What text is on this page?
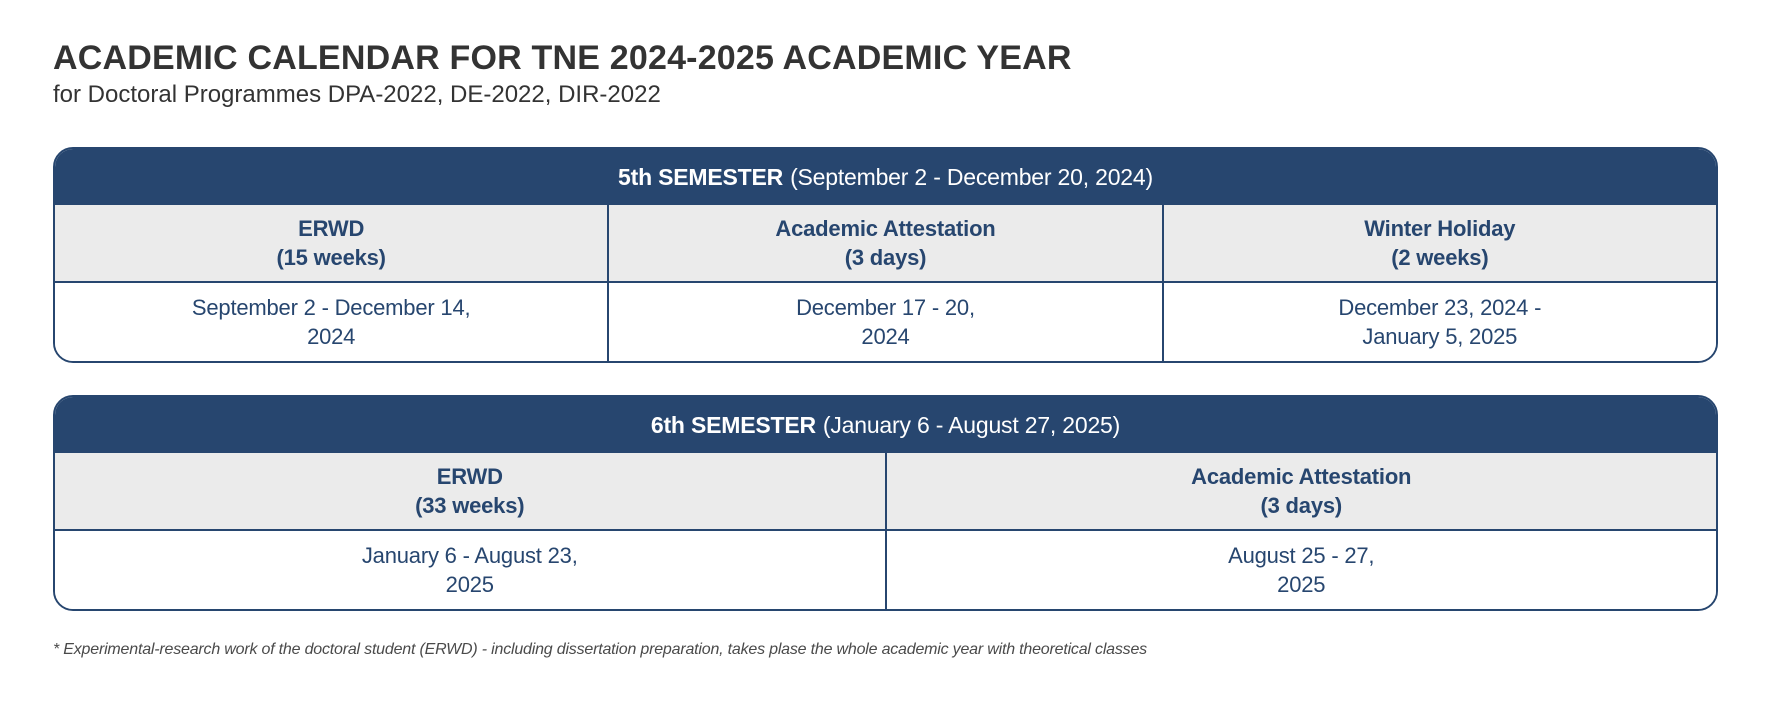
ACADEMIC CALENDAR FOR TNE 2024-2025 ACADEMIC YEAR

for Doctoral Programmes DPA-2022, DE-2022, DIR-2022

5th SEMESTER (September 2 - December 20, 2024)
ERWD
(15 weeks)
Academic Attestation
(3 days)
Winter Holiday
(2 weeks)
September 2 - December 14,
2024
December 17 - 20,
2024
December 23, 2024 -
January 5, 2025
6th SEMESTER (January 6 - August 27, 2025)
ERWD
(33 weeks)
Academic Attestation
(3 days)
January 6 - August 23,
2025
August 25 - 27,
2025
* Experimental-research work of the doctoral student (ERWD) - including dissertation preparation, takes plase the whole academic year with theoretical classes
